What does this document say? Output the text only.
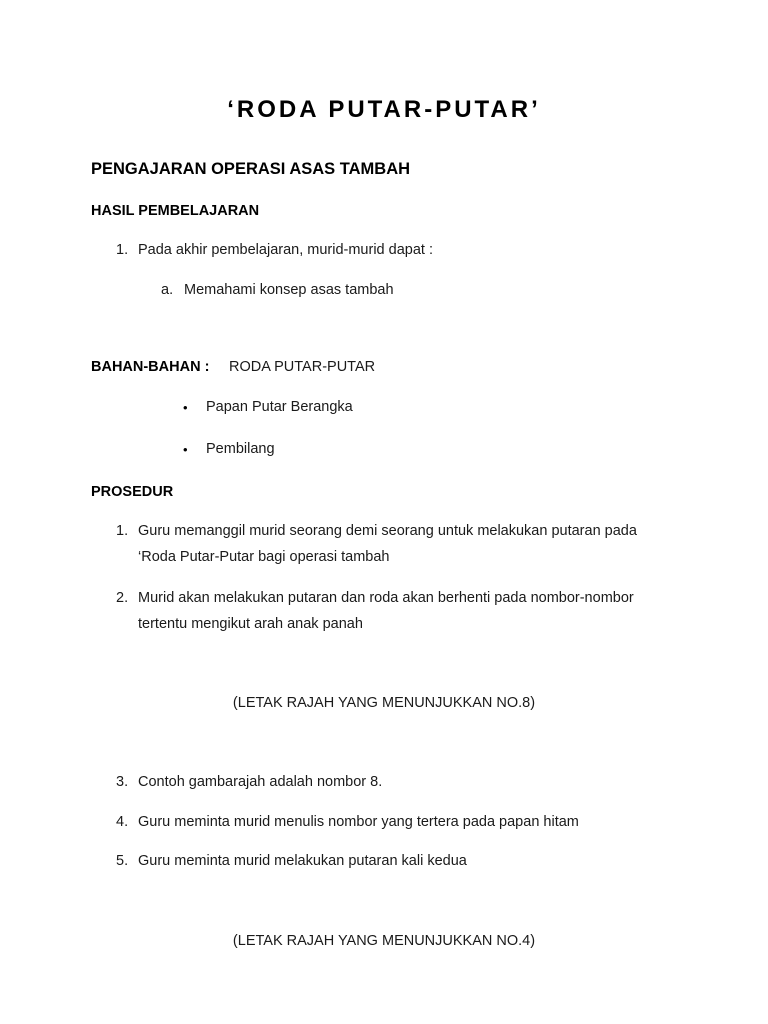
‘RODA PUTAR-PUTAR’
PENGAJARAN OPERASI ASAS TAMBAH
HASIL PEMBELAJARAN
1. Pada akhir pembelajaran, murid-murid dapat :
a. Memahami konsep asas tambah
BAHAN-BAHAN : RODA PUTAR-PUTAR
• Papan Putar Berangka
• Pembilang
PROSEDUR
1. Guru memanggil murid seorang demi seorang untuk melakukan putaran pada
‘Roda Putar-Putar bagi operasi tambah
2. Murid akan melakukan putaran dan roda akan berhenti pada nombor-nombor
tertentu mengikut arah anak panah
(LETAK RAJAH YANG MENUNJUKKAN NO.8)
3. Contoh gambarajah adalah nombor 8.
4. Guru meminta murid menulis nombor yang tertera pada papan hitam
5. Guru meminta murid melakukan putaran kali kedua
(LETAK RAJAH YANG MENUNJUKKAN NO.4)
